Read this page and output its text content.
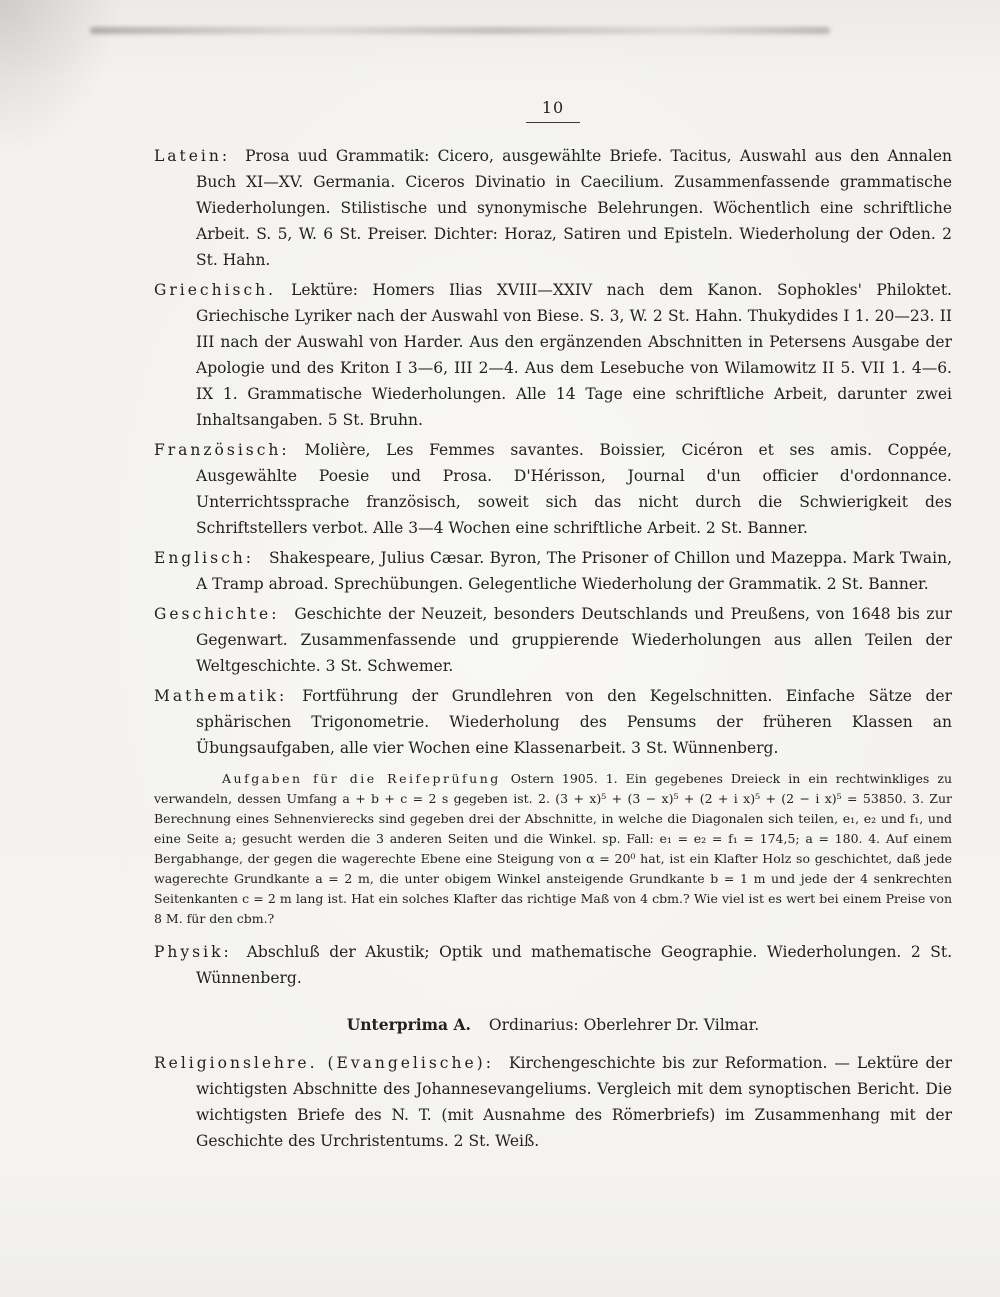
10

Latein: Prosa uud Grammatik: Cicero, ausgewählte Briefe. Tacitus, Auswahl aus den Annalen Buch XI—XV. Germania. Ciceros Divinatio in Caecilium. Zusammenfassende grammatische Wiederholungen. Stilistische und synonymische Belehrungen. Wöchentlich eine schriftliche Arbeit. S. 5, W. 6 St. Preiser. Dichter: Horaz, Satiren und Episteln. Wiederholung der Oden. 2 St. Hahn.

Griechisch. Lektüre: Homers Ilias XVIII—XXIV nach dem Kanon. Sophokles' Philoktet. Griechische Lyriker nach der Auswahl von Biese. S. 3, W. 2 St. Hahn. Thukydides I 1. 20—23. II III nach der Auswahl von Harder. Aus den ergänzenden Abschnitten in Petersens Ausgabe der Apologie und des Kriton I 3—6, III 2—4. Aus dem Lesebuche von Wilamowitz II 5. VII 1. 4—6. IX 1. Grammatische Wiederholungen. Alle 14 Tage eine schriftliche Arbeit, darunter zwei Inhaltsangaben. 5 St. Bruhn.

Französisch: Molière, Les Femmes savantes. Boissier, Cicéron et ses amis. Coppée, Ausgewählte Poesie und Prosa. D'Hérisson, Journal d'un officier d'ordonnance. Unterrichtssprache französisch, soweit sich das nicht durch die Schwierigkeit des Schriftstellers verbot. Alle 3—4 Wochen eine schriftliche Arbeit. 2 St. Banner.

Englisch: Shakespeare, Julius Cæsar. Byron, The Prisoner of Chillon und Mazeppa. Mark Twain, A Tramp abroad. Sprechübungen. Gelegentliche Wiederholung der Grammatik. 2 St. Banner.

Geschichte: Geschichte der Neuzeit, besonders Deutschlands und Preußens, von 1648 bis zur Gegenwart. Zusammenfassende und gruppierende Wiederholungen aus allen Teilen der Weltgeschichte. 3 St. Schwemer.

Mathematik: Fortführung der Grundlehren von den Kegelschnitten. Einfache Sätze der sphärischen Trigonometrie. Wiederholung des Pensums der früheren Klassen an Übungsaufgaben, alle vier Wochen eine Klassenarbeit. 3 St. Wünnenberg.

Aufgaben für die Reifeprüfung Ostern 1905. 1. Ein gegebenes Dreieck in ein rechtwinkliges zu verwandeln, dessen Umfang a + b + c = 2 s gegeben ist. 2. (3 + x)⁵ + (3 − x)⁵ + (2 + i x)⁵ + (2 − i x)⁵ = 53850. 3. Zur Berechnung eines Sehnenvierecks sind gegeben drei der Abschnitte, in welche die Diagonalen sich teilen, e₁, e₂ und f₁, und eine Seite a; gesucht werden die 3 anderen Seiten und die Winkel. sp. Fall: e₁ = e₂ = f₁ = 174,5; a = 180. 4. Auf einem Bergabhange, der gegen die wagerechte Ebene eine Steigung von α = 20⁰ hat, ist ein Klafter Holz so geschichtet, daß jede wagerechte Grundkante a = 2 m, die unter obigem Winkel ansteigende Grundkante b = 1 m und jede der 4 senkrechten Seitenkanten c = 2 m lang ist. Hat ein solches Klafter das richtige Maß von 4 cbm.? Wie viel ist es wert bei einem Preise von 8 M. für den cbm.?

Physik: Abschluß der Akustik; Optik und mathematische Geographie. Wiederholungen. 2 St. Wünnenberg.

Unterprima A. Ordinarius: Oberlehrer Dr. Vilmar.

Religionslehre. (Evangelische): Kirchengeschichte bis zur Reformation. — Lektüre der wichtigsten Abschnitte des Johannesevangeliums. Vergleich mit dem synoptischen Bericht. Die wichtigsten Briefe des N. T. (mit Ausnahme des Römerbriefs) im Zusammenhang mit der Geschichte des Urchristentums. 2 St. Weiß.
